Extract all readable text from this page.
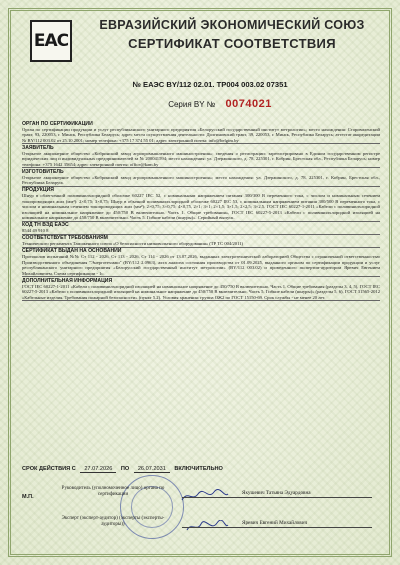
EAC
ЕВРАЗИЙСКИЙ ЭКОНОМИЧЕСКИЙ СОЮЗ
СЕРТИФИКАТ СООТВЕТСТВИЯ
№ ЕАЭС BY/112 02.01. ТР004 003.02 07351
Серия BY № 0074021
ОРГАН ПО СЕРТИФИКАЦИИ

Орган по сертификации продукции и услуг республиканского унитарного предприятия «Белорусский государственный институт метрологии»; место нахождения: Старовиленский тракт, 93, 220053, г. Минск, Республика Беларусь; адрес места осуществления деятельности: Долгиновский тракт, 39, 220053, г. Минск, Республика Беларусь; аттестат аккредитации № BY/112 003.02 от 25.10.2001; номер телефона: +375 17 374 55 01; адрес электронной почты: info@belgim.by

ЗАЯВИТЕЛЬ

Открытое акционерное общество «Кобринский завод агропромышленного машиностроения»; сведения о регистрации: зарегистрировано в Едином государственном регистре юридических лиц и индивидуальных предпринимателей за № 200041594; место нахождения: ул. Дзержинского, д. 78, 225301, г. Кобрин, Брестская обл., Республика Беларусь; номер телефона: +375 1642 35654; адрес электронной почты: office@kam.by

ИЗГОТОВИТЕЛЬ

Открытое акционерное общество «Кобринский завод агропромышленного машиностроения»; место нахождения: ул. Дзержинского, д. 78, 225301, г. Кобрин, Брестская обл., Республика Беларусь

ПРОДУКЦИЯ

Шнур в облегченной поливинилхлоридной оболочке 60227 IEC 52, с номинальным напряжением питания 300/300 В переменного тока, с числом и номинальным сечением токопроводящих жил (мм²): 2×0,75; 3×0,75; Шнур в обычной поливинилхлоридной оболочке 60227 IEC 53, с номинальным напряжением питания 300/500 В переменного тока, с числом и номинальным сечением токопроводящих жил (мм²): 2×0,75; 3×0,75; 4×0,75, 2×1; 3×1; 2×1,5; 3×1,5; 2×2,5; 3×2,5. ГОСТ IEC 60227-1-2011 «Кабели с поливинилхлоридной изоляцией на номинальное напряжение до 450/750 В включительно. Часть 1. Общие требования», ГОСТ IEC 60227-5-2013 «Кабели с поливинилхлоридной изоляцией на номинальное напряжение до 450/750 В включительно. Часть 5. Гибкие кабели (шнуры)». Серийный выпуск.

КОД ТН ВЭД ЕАЭС

8544 49 910 8

СООТВЕТСТВУЕТ ТРЕБОВАНИЯМ

Технического регламента Таможенного союза «О безопасности низковольтного оборудования» (ТР ТС 004/2011)

СЕРТИФИКАТ ВЫДАН НА ОСНОВАНИИ

Протоколов испытаний №№ Ст 112 - 2026, Ст 113 - 2026, Ст 114 - 2026 от 13.07.2026, выданных электротехнической лабораторией Общества с ограниченной ответственностью Производственного объединения "Энерготехмаш" (BY/112 2.0963), акта анализа состояния производства от 01.09.2025, выданного органом по сертификации продукции и услуг республиканского унитарного предприятия «Белорусский государственный институт метрологии» (BY/112 003.02) и проведенного экспертом-аудитором Яревич Евгением Михайловичем. Схема сертификации - 1с.

ДОПОЛНИТЕЛЬНАЯ ИНФОРМАЦИЯ

ГОСТ IEC 60227-1-2011 «Кабели с поливинилхлоридной изоляцией на номинальное напряжение до 450/750 В включительно. Часть 1. Общие требования (разделы 3, 4, 5), ГОСТ IEC 60227-5-2013 «Кабели с поливинилхлоридной изоляцией на номинальное напряжение до 450/750 В включительно. Часть 5. Гибкие кабели (шнуры)» (разделы 5, 6), ГОСТ 31565-2012 «Кабельные изделия. Требования пожарной безопасности» (пункт 5.2). Условия хранения: группа ОЖ2 по ГОСТ 15150-69. Срок службы - не менее 20 лет.

СРОК ДЕЙСТВИЯ С 27.07.2026 ПО 26.07.2031 ВКЛЮЧИТЕЛЬНО
М.П.
Руководитель (уполномоченное лицо) органа по сертификации	Якушевич Татьяна Эдуардовна
Эксперт (эксперт-аудитор) (эксперты (эксперты-аудиторы))	Яревич Евгений Михайлович
